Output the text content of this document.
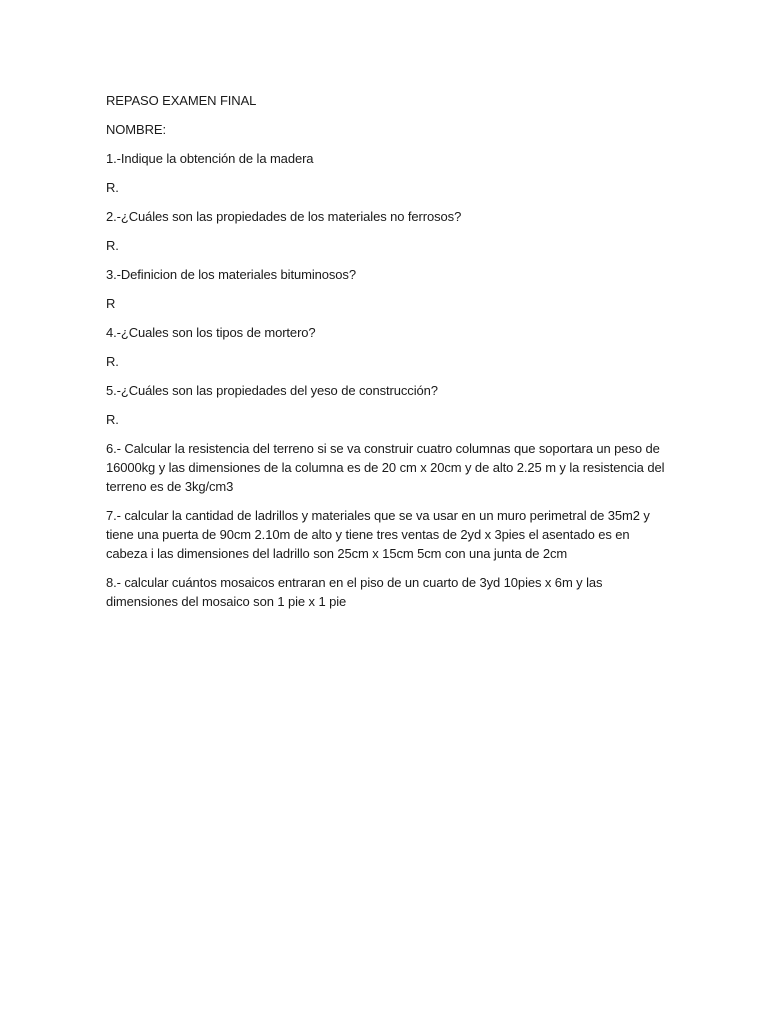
REPASO EXAMEN FINAL

NOMBRE:

1.-Indique la obtención de la madera

R.

2.-¿Cuáles son las propiedades de los materiales no ferrosos?

R.

3.-Definicion de los materiales bituminosos?

R

4.-¿Cuales son los tipos de mortero?

R.

5.-¿Cuáles son las propiedades del yeso de construcción?

R.

6.- Calcular la resistencia del terreno si se va construir cuatro columnas que soportara un peso de 16000kg y las dimensiones de la columna es de 20 cm x 20cm y de alto 2.25 m y la resistencia del terreno es de 3kg/cm3

7.- calcular la cantidad de ladrillos y materiales que se va usar en un muro perimetral de 35m2 y tiene una puerta de 90cm 2.10m de alto y tiene tres ventas de 2yd x 3pies el asentado es en cabeza i las dimensiones del ladrillo son 25cm x 15cm 5cm con una junta de 2cm

8.- calcular cuántos mosaicos entraran en el piso de un cuarto de 3yd 10pies x 6m y las dimensiones del mosaico son 1 pie x 1 pie
